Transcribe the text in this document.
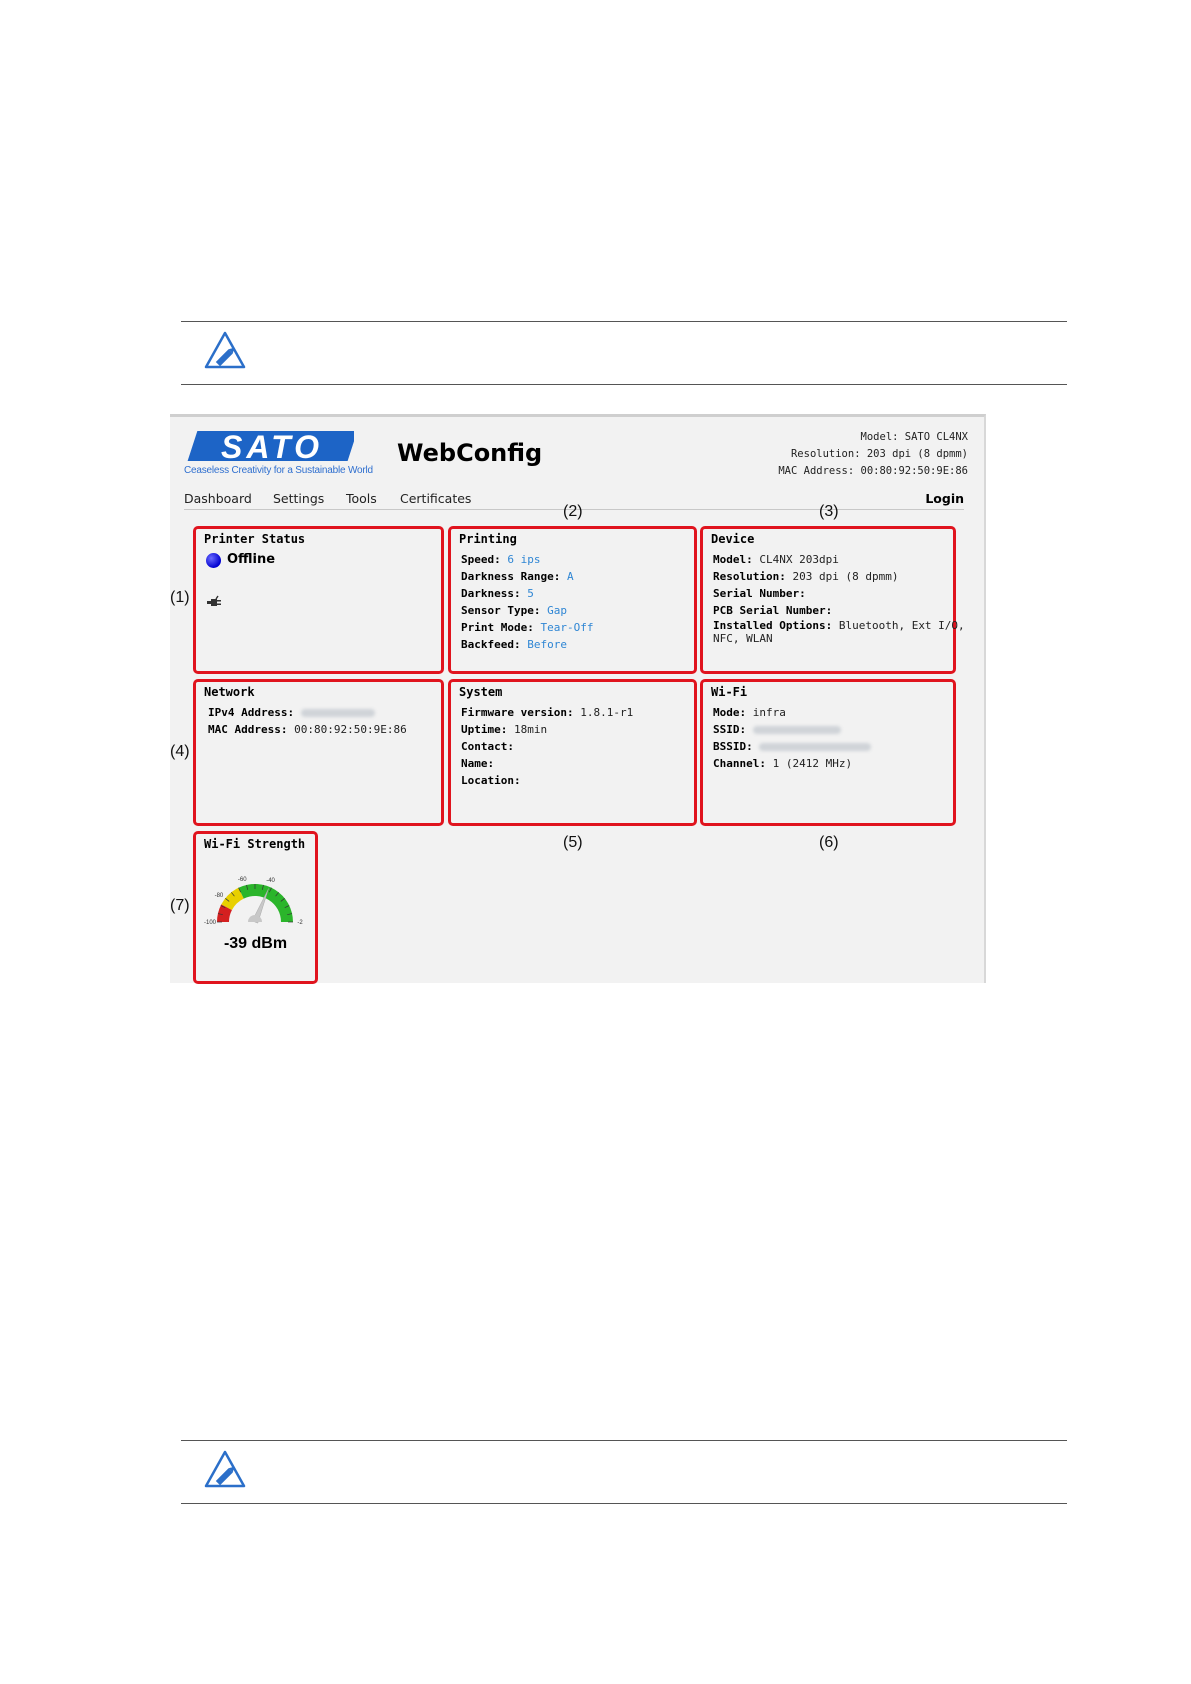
SATO
Ceaseless Creativity for a Sustainable World
WebConfig
Model: SATO CL4NX
Resolution: 203 dpi (8 dpmm)
MAC Address: 00:80:92:50:9E:86
Dashboard Settings Tools Certificates	Login
(1)
(2)	(3)
(4)
(5)	(6)
(7)
Printer Status
Offline
Printing
Speed: 6 ips
Darkness Range: A
Darkness: 5
Sensor Type: Gap
Print Mode: Tear-Off
Backfeed: Before
Device
Model: CL4NX 203dpi
Resolution: 203 dpi (8 dpmm)
Serial Number:
PCB Serial Number:
Installed Options: Bluetooth, Ext I/O,
NFC, WLAN
Network
IPv4 Address:
MAC Address: 00:80:92:50:9E:86
System
Firmware version: 1.8.1-r1
Uptime: 18min
Contact:
Name:
Location:
Wi-Fi
Mode: infra
SSID:
BSSID:
Channel: 1 (2412 MHz)
Wi-Fi Strength
-100
-80
-60	-40
-2
-39 dBm
